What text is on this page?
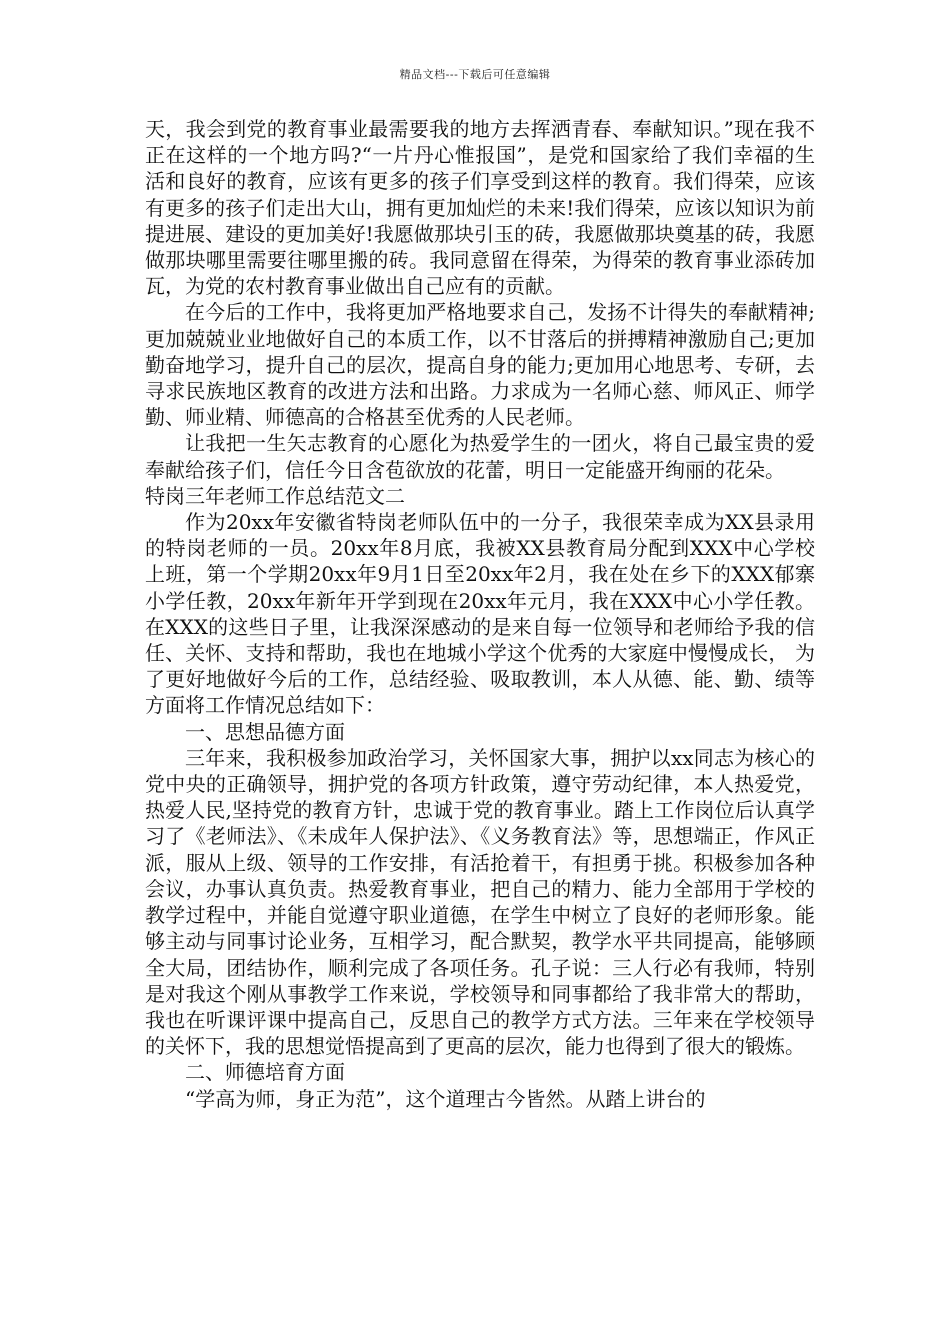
精品文档---下载后可任意编辑

天，我会到党的教育事业最需要我的地方去挥洒青春、奉献知识。”现在我不正在这样的一个地方吗?“一片丹心惟报国”，是党和国家给了我们幸福的生活和良好的教育，应该有更多的孩子们享受到这样的教育。我们得荣，应该有更多的孩子们走出大山，拥有更加灿烂的未来!我们得荣，应该以知识为前提进展、建设的更加美好!我愿做那块引玉的砖，我愿做那块奠基的砖，我愿做那块哪里需要往哪里搬的砖。我同意留在得荣，为得荣的教育事业添砖加瓦，为党的农村教育事业做出自己应有的贡献。

在今后的工作中，我将更加严格地要求自己，发扬不计得失的奉献精神;更加兢兢业业地做好自己的本质工作，以不甘落后的拼搏精神激励自己;更加勤奋地学习，提升自己的层次，提高自身的能力;更加用心地思考、专研，去寻求民族地区教育的改进方法和出路。力求成为一名师心慈、师风正、师学勤、师业精、师德高的合格甚至优秀的人民老师。

让我把一生矢志教育的心愿化为热爱学生的一团火，将自己最宝贵的爱奉献给孩子们，信任今日含苞欲放的花蕾，明日一定能盛开绚丽的花朵。

特岗三年老师工作总结范文二

作为20xx年安徽省特岗老师队伍中的一分子，我很荣幸成为XX县录用的特岗老师的一员。20xx年8月底，我被XX县教育局分配到XXX中心学校上班，第一个学期20xx年9月1日至20xx年2月，我在处在乡下的XXX郁寨小学任教，20xx年新年开学到现在20xx年元月，我在XXX中心小学任教。在XXX的这些日子里，让我深深感动的是来自每一位领导和老师给予我的信任、关怀、支持和帮助，我也在地城小学这个优秀的大家庭中慢慢成长， 为了更好地做好今后的工作，总结经验、吸取教训，本人从德、能、勤、绩等方面将工作情况总结如下：

一、思想品德方面

三年来，我积极参加政治学习，关怀国家大事，拥护以xx同志为核心的党中央的正确领导，拥护党的各项方针政策，遵守劳动纪律，本人热爱党，热爱人民,坚持党的教育方针，忠诚于党的教育事业。踏上工作岗位后认真学习了《老师法》、《未成年人保护法》、《义务教育法》等，思想端正，作风正派，服从上级、领导的工作安排，有活抢着干，有担勇于挑。积极参加各种会议，办事认真负责。热爱教育事业，把自己的精力、能力全部用于学校的教学过程中，并能自觉遵守职业道德，在学生中树立了良好的老师形象。能够主动与同事讨论业务，互相学习，配合默契，教学水平共同提高，能够顾全大局，团结协作，顺利完成了各项任务。孔子说：三人行必有我师，特别是对我这个刚从事教学工作来说，学校领导和同事都给了我非常大的帮助，我也在听课评课中提高自己，反思自己的教学方式方法。三年来在学校领导的关怀下，我的思想觉悟提高到了更高的层次，能力也得到了很大的锻炼。

二、师德培育方面

“学高为师，身正为范”，这个道理古今皆然。从踏上讲台的
